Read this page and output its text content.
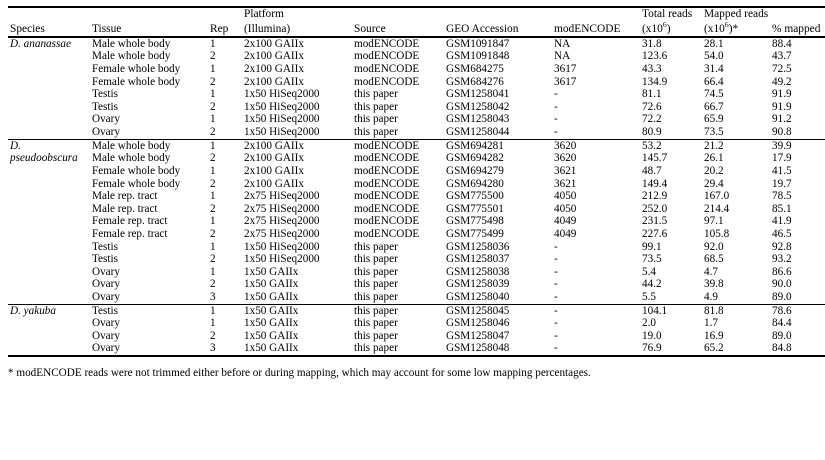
			Platform				Total reads	Mapped reads	
Species	Tissue	Rep	(Illumina)	Source	GEO Accession	modENCODE	$(x10^6)$	$(x10^6)*$	% mapped
D. ananassae	Male whole body	1	2x100 GAIIx	modENCODE	GSM1091847	NA	31.8	28.1	88.4
	Male whole body	2	2x100 GAIIx	modENCODE	GSM1091848	NA	123.6	54.0	43.7
	Female whole body	1	2x100 GAIIx	modENCODE	GSM684275	3617	43.3	31.4	72.5
	Female whole body	2	2x100 GAIIx	modENCODE	GSM684276	3617	134.9	66.4	49.2
	Testis	1	1x50 HiSeq2000	this paper	GSM1258041	-	81.1	74.5	91.9
	Testis	2	1x50 HiSeq2000	this paper	GSM1258042	-	72.6	66.7	91.9
	Ovary	1	1x50 HiSeq2000	this paper	GSM1258043	-	72.2	65.9	91.2
	Ovary	2	1x50 HiSeq2000	this paper	GSM1258044	-	80.9	73.5	90.8
D.	Male whole body	1	2x100 GAIIx	modENCODE	GSM694281	3620	53.2	21.2	39.9
pseudoobscura	Male whole body	2	2x100 GAIIx	modENCODE	GSM694282	3620	145.7	26.1	17.9
	Female whole body	1	2x100 GAIIx	modENCODE	GSM694279	3621	48.7	20.2	41.5
	Female whole body	2	2x100 GAIIx	modENCODE	GSM694280	3621	149.4	29.4	19.7
	Male rep. tract	1	2x75 HiSeq2000	modENCODE	GSM775500	4050	212.9	167.0	78.5
	Male rep. tract	2	2x75 HiSeq2000	modENCODE	GSM775501	4050	252.0	214.4	85.1
	Female rep. tract	1	2x75 HiSeq2000	modENCODE	GSM775498	4049	231.5	97.1	41.9
	Female rep. tract	2	2x75 HiSeq2000	modENCODE	GSM775499	4049	227.6	105.8	46.5
	Testis	1	1x50 HiSeq2000	this paper	GSM1258036	-	99.1	92.0	92.8
	Testis	2	1x50 HiSeq2000	this paper	GSM1258037	-	73.5	68.5	93.2
	Ovary	1	1x50 GAIIx	this paper	GSM1258038	-	5.4	4.7	86.6
	Ovary	2	1x50 GAIIx	this paper	GSM1258039	-	44.2	39.8	90.0
	Ovary	3	1x50 GAIIx	this paper	GSM1258040	-	5.5	4.9	89.0
D. yakuba	Testis	1	1x50 GAIIx	this paper	GSM1258045	-	104.1	81.8	78.6
	Ovary	1	1x50 GAIIx	this paper	GSM1258046	-	2.0	1.7	84.4
	Ovary	2	1x50 GAIIx	this paper	GSM1258047	-	19.0	16.9	89.0
	Ovary	3	1x50 GAIIx	this paper	GSM1258048	-	76.9	65.2	84.8
* modENCODE reads were not trimmed either before or during mapping, which may account for some low mapping percentages.
